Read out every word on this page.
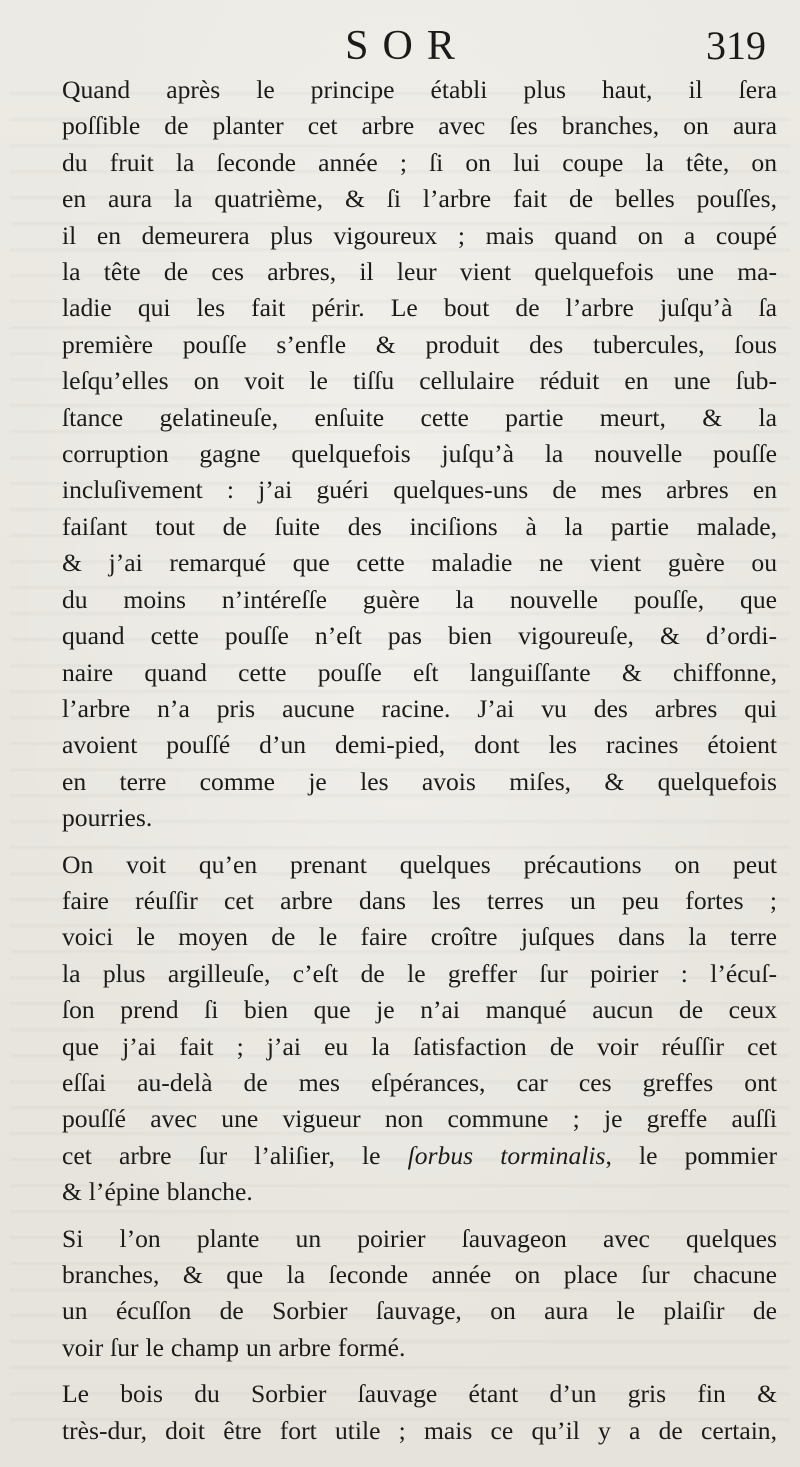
SOR	319
Quand après le principe établi plus haut, il ſera
poſſible de planter cet arbre avec ſes branches, on aura
du fruit la ſeconde année ; ſi on lui coupe la tête, on
en aura la quatrième, & ſi l’arbre fait de belles pouſſes,
il en demeurera plus vigoureux ; mais quand on a coupé
la tête de ces arbres, il leur vient quelquefois une ma-
ladie qui les fait périr. Le bout de l’arbre juſqu’à ſa
première pouſſe s’enfle & produit des tubercules, ſous
leſqu’elles on voit le tiſſu cellulaire réduit en une ſub-
ſtance gelatineuſe, enſuite cette partie meurt, & la
corruption gagne quelquefois juſqu’à la nouvelle pouſſe
incluſivement : j’ai guéri quelques-uns de mes arbres en
faiſant tout de ſuite des inciſions à la partie malade,
& j’ai remarqué que cette maladie ne vient guère ou
du moins n’intéreſſe guère la nouvelle pouſſe, que
quand cette pouſſe n’eſt pas bien vigoureuſe, & d’ordi-
naire quand cette pouſſe eſt languiſſante & chiffonne,
l’arbre n’a pris aucune racine. J’ai vu des arbres qui
avoient pouſſé d’un demi-pied, dont les racines étoient
en terre comme je les avois miſes, & quelquefois
pourries.
On voit qu’en prenant quelques précautions on peut
faire réuſſir cet arbre dans les terres un peu fortes ;
voici le moyen de le faire croître juſques dans la terre
la plus argilleuſe, c’eſt de le greffer ſur poirier : l’écuſ-
ſon prend ſi bien que je n’ai manqué aucun de ceux
que j’ai fait ; j’ai eu la ſatisfaction de voir réuſſir cet
eſſai au-delà de mes eſpérances, car ces greffes ont
pouſſé avec une vigueur non commune ; je greffe auſſi
cet arbre ſur l’aliſier, le ſorbus torminalis, le pommier
& l’épine blanche.
Si l’on plante un poirier ſauvageon avec quelques
branches, & que la ſeconde année on place ſur chacune
un écuſſon de Sorbier ſauvage, on aura le plaiſir de
voir ſur le champ un arbre formé.
Le bois du Sorbier ſauvage étant d’un gris fin &
très-dur, doit être fort utile ; mais ce qu’il y a de certain,
